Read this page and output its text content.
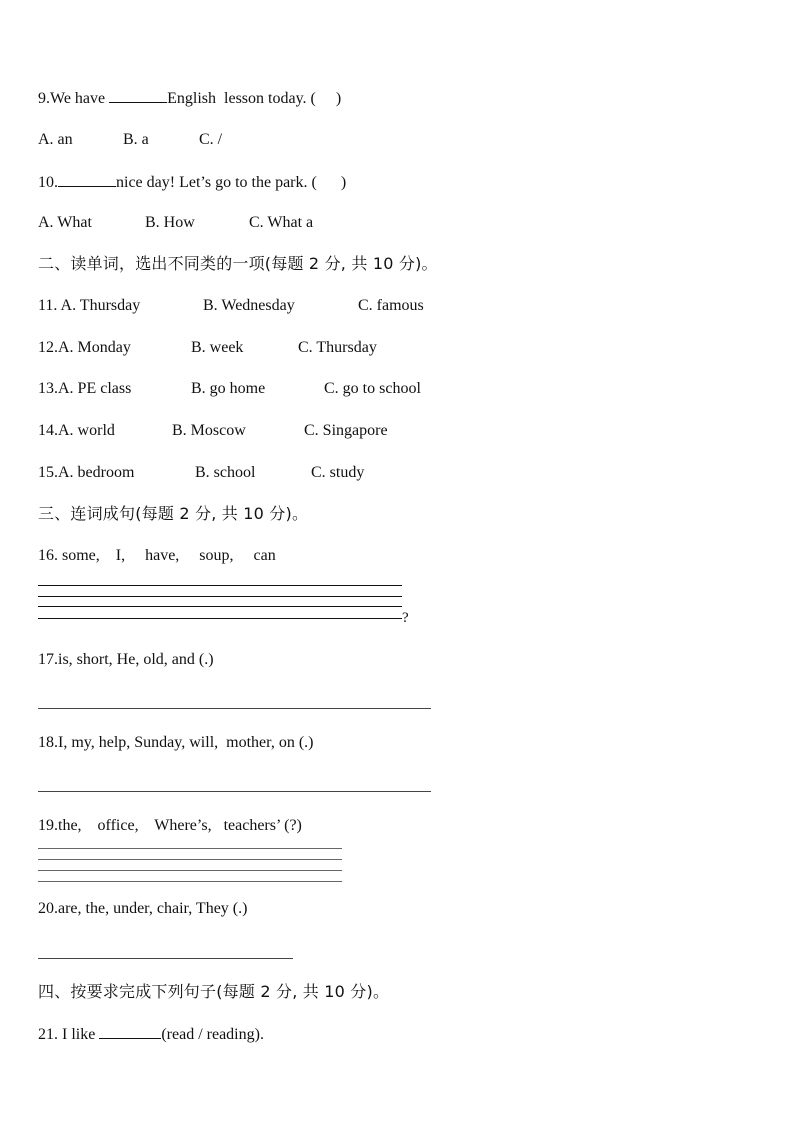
9.We have	English  lesson today. (     )
A. an	B. a	C. /
10.	nice day! Let’s go to the park. (      )
A. What	B. How	C. What a
二、读单词，选出不同类的一项(每题 2 分, 共 10 分)。
11. A. Thursday	B. Wednesday	C. famous
12.A. Monday	B. week	C. Thursday
13.A. PE class	B. go home	C. go to school
14.A. world	B. Moscow	C. Singapore
15.A. bedroom	B. school	C. study
三、连词成句(每题 2 分, 共 10 分)。
16. some,    I,     have,     soup,     can
?
17.is, short, He, old, and (.)
18.I, my, help, Sunday, will,  mother, on (.)
19.the,    office,    Where’s,   teachers’ (?)
20.are, the, under, chair, They (.)
四、按要求完成下列句子(每题 2 分, 共 10 分)。
21. I like	(read / reading).
